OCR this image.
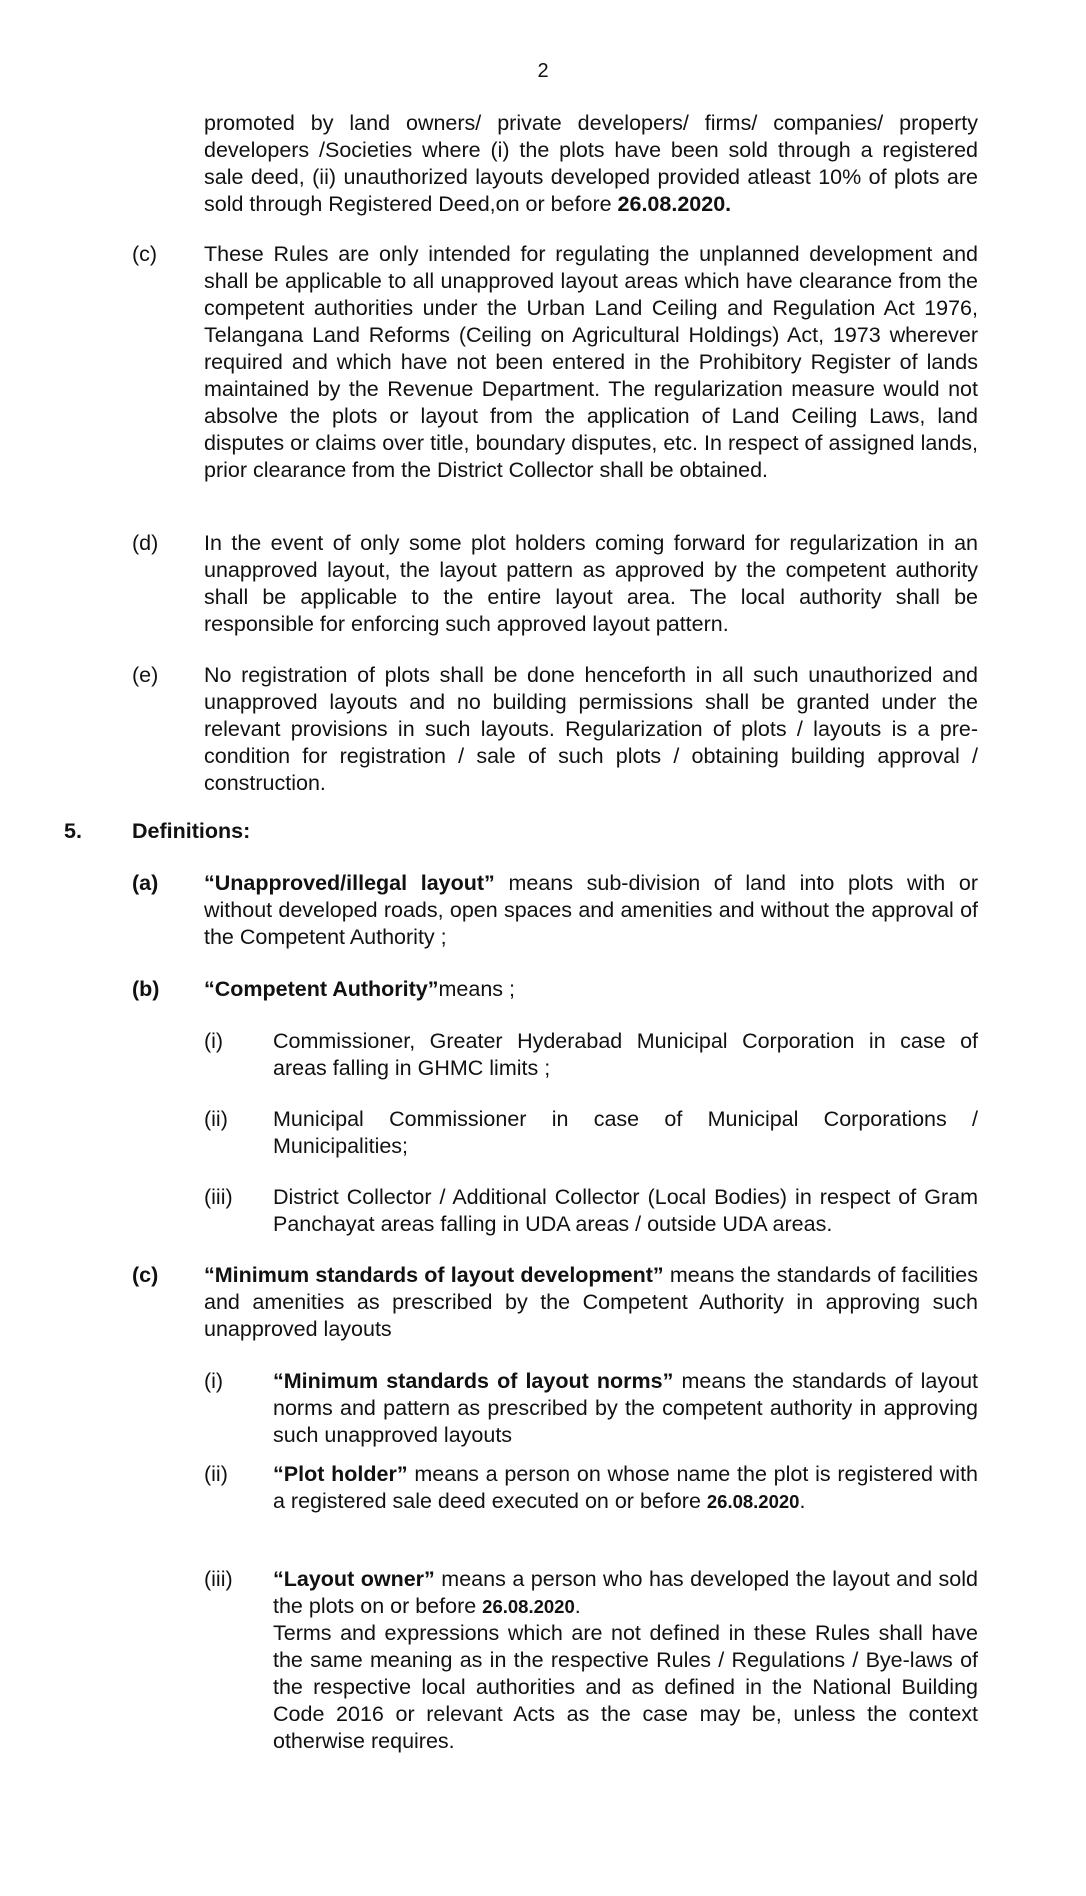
2
promoted by land owners/ private developers/ firms/ companies/ property developers /Societies where (i) the plots have been sold through a registered sale deed, (ii) unauthorized layouts developed provided atleast 10% of plots are sold through Registered Deed,on or before 26.08.2020.
(c) These Rules are only intended for regulating the unplanned development and shall be applicable to all unapproved layout areas which have clearance from the competent authorities under the Urban Land Ceiling and Regulation Act 1976, Telangana Land Reforms (Ceiling on Agricultural Holdings) Act, 1973 wherever required and which have not been entered in the Prohibitory Register of lands maintained by the Revenue Department. The regularization measure would not absolve the plots or layout from the application of Land Ceiling Laws, land disputes or claims over title, boundary disputes, etc. In respect of assigned lands, prior clearance from the District Collector shall be obtained.
(d) In the event of only some plot holders coming forward for regularization in an unapproved layout, the layout pattern as approved by the competent authority shall be applicable to the entire layout area. The local authority shall be responsible for enforcing such approved layout pattern.
(e) No registration of plots shall be done henceforth in all such unauthorized and unapproved layouts and no building permissions shall be granted under the relevant provisions in such layouts. Regularization of plots / layouts is a pre-condition for registration / sale of such plots / obtaining building approval / construction.
5. Definitions:
(a) “Unapproved/illegal layout” means sub-division of land into plots with or without developed roads, open spaces and amenities and without the approval of the Competent Authority ;
(b) “Competent Authority”means ;
(i) Commissioner, Greater Hyderabad Municipal Corporation in case of areas falling in GHMC limits ;
(ii) Municipal Commissioner in case of Municipal Corporations / Municipalities;
(iii) District Collector / Additional Collector (Local Bodies) in respect of Gram Panchayat areas falling in UDA areas / outside UDA areas.
(c) “Minimum standards of layout development” means the standards of facilities and amenities as prescribed by the Competent Authority in approving such unapproved layouts
(i) “Minimum standards of layout norms” means the standards of layout norms and pattern as prescribed by the competent authority in approving such unapproved layouts
(ii) “Plot holder” means a person on whose name the plot is registered with a registered sale deed executed on or before 26.08.2020.
(iii) “Layout owner” means a person who has developed the layout and sold the plots on or before 26.08.2020.

Terms and expressions which are not defined in these Rules shall have the same meaning as in the respective Rules / Regulations / Bye-laws of the respective local authorities and as defined in the National Building Code 2016 or relevant Acts as the case may be, unless the context otherwise requires.
